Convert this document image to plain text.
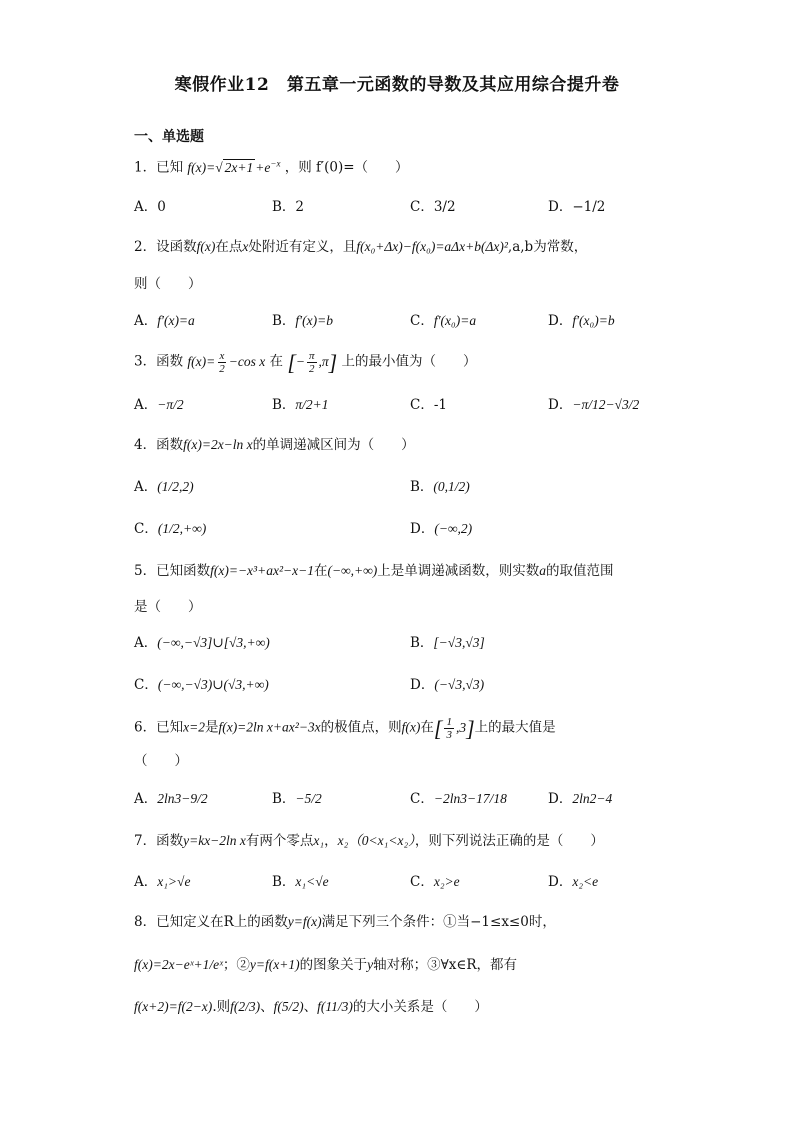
寒假作业12　第五章一元函数的导数及其应用综合提升卷
一、单选题
1．已知 f(x)=√ $2x+1 +e^{-x}$ ，则 f′(0)=（　　）
A．0	B．2	C．3/2	D．−1/2
2．设函数f(x)在点x处附近有定义，且f(x₀+Δx)−f(x₀)=aΔx+b(Δx)²,a,b为常数，
则（　　）
A．f′(x)=a	B．f′(x)=b	C．f′(x₀)=a	D．f′(x₀)=b
3．函数 $f(x)= \frac{x}{2} -\cos$ x 在 [− $\frac{\pi}{2} ,\pi$] 上的最小值为（　　）
A．−π/2	B．π/2+1	C．-1	D．−π/12−√3/2
4．函数f(x)=2x−ln x的单调递减区间为（　　）
A．(1/2,2)	B．(0,1/2)
C．(1/2,+∞)	D．(−∞,2)
5．已知函数f(x)=−x³+ax²−x−1在(−∞,+∞)上是单调递减函数，则实数a的取值范围
是（　　）
A．(−∞,−√3]∪[√3,+∞)	B．[−√3,√3]
C．(−∞,−√3)∪(√3,+∞)	D．(−√3,√3)
6．已知x=2是f(x)=2ln x+ax²−3x的极值点，则f(x)在[ $\frac{1}{3} ,3$]上的最大值是
（　　）
A．2ln3−9/2	B．−5/2	C．−2ln3−17/18	D．2ln2−4
7．函数y=kx−2ln x有两个零点x₁，x₂（0<x₁<x₂），则下列说法正确的是（　　）
A．x₁>√e	B．x₁<√e	C．x₂>e	D．x₂<e
8．已知定义在R上的函数y=f(x)满足下列三个条件：①当−1≤x≤0时，
f(x)=2x−eˣ+1/eˣ；②y=f(x+1)的图象关于y轴对称；③∀x∈R，都有
f(x+2)=f(2−x).则f(2/3)、f(5/2)、f(11/3)的大小关系是（　　）
